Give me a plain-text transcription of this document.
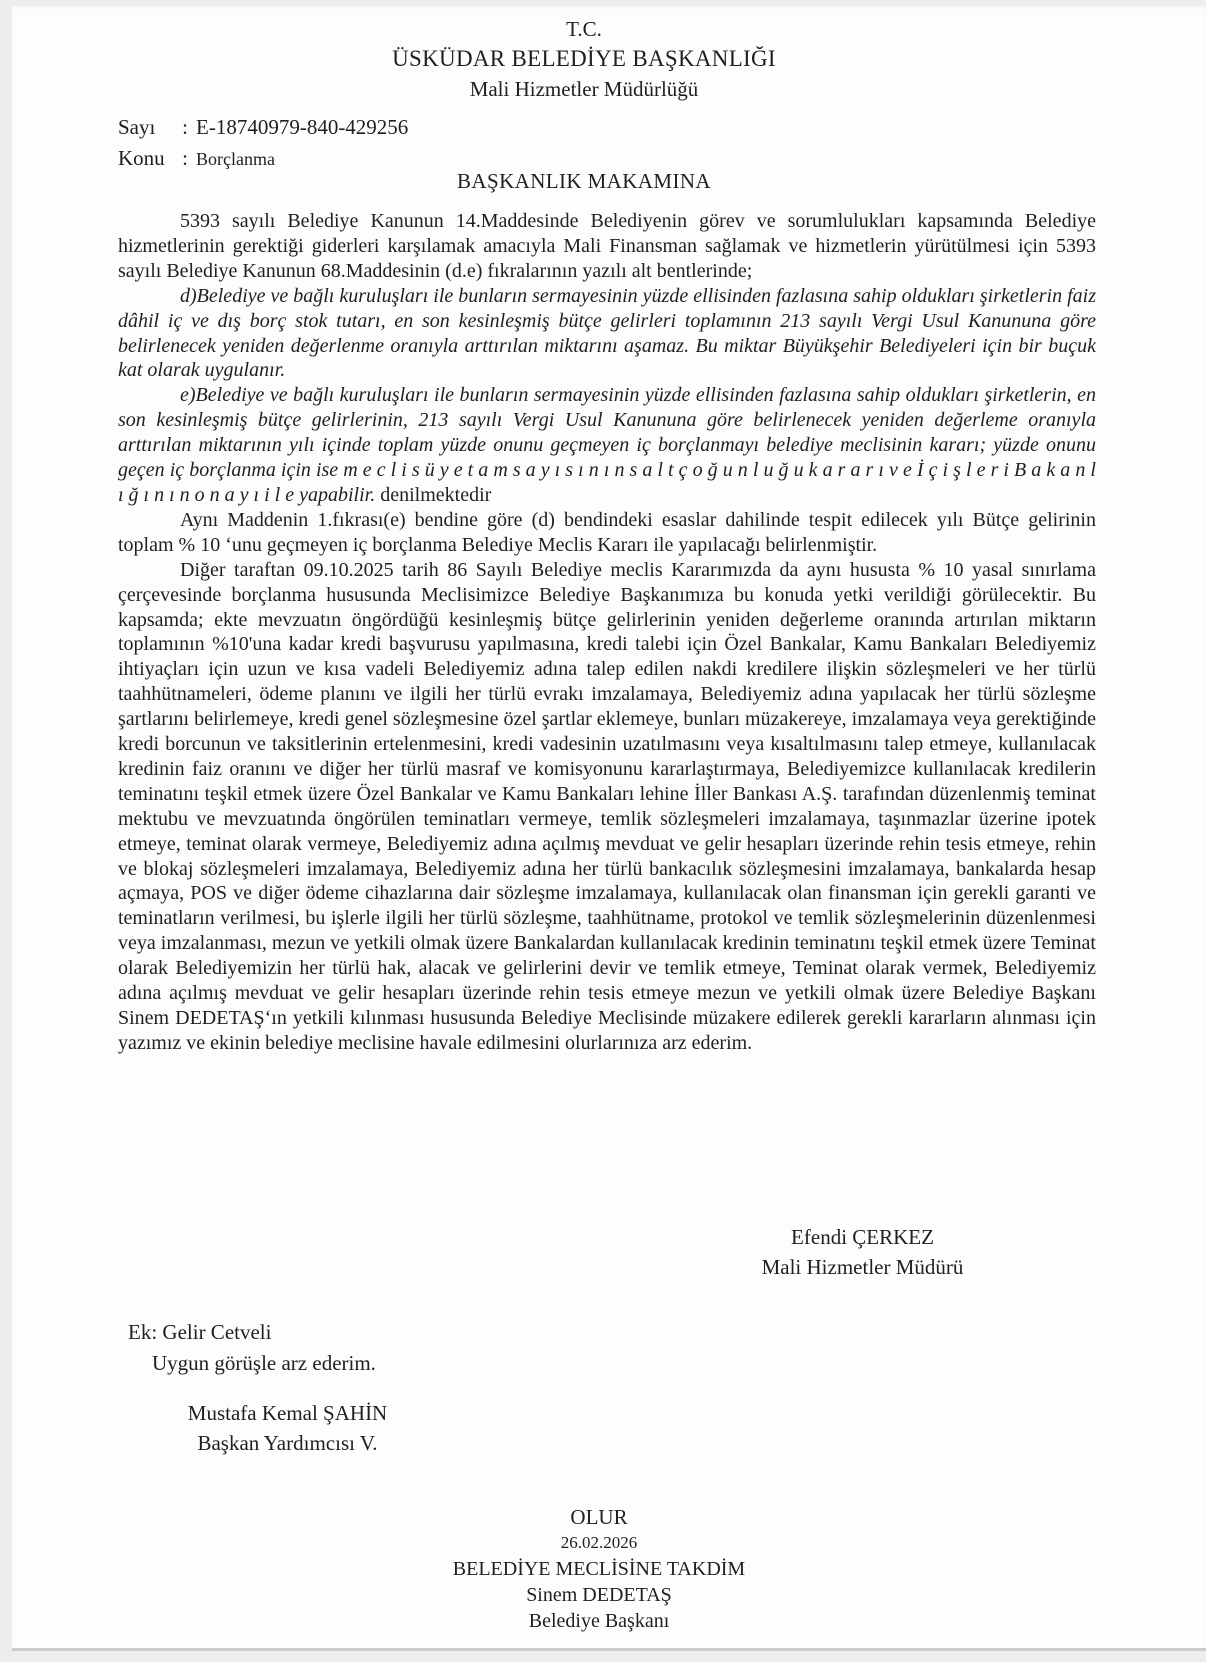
T.C.
ÜSKÜDAR BELEDİYE BAŞKANLIĞI
Mali Hizmetler Müdürlüğü
Sayı	: E-18740979-840-429256
Konu : Borçlanma
BAŞKANLIK MAKAMINA

5393 sayılı Belediye Kanunun 14.Maddesinde Belediyenin görev ve sorumlulukları kapsamında Belediye hizmetlerinin gerektiği giderleri karşılamak amacıyla Mali Finansman sağlamak ve hizmetlerin yürütülmesi için 5393 sayılı Belediye Kanunun 68.Maddesinin (d.e) fıkralarının yazılı alt bentlerinde;

d)Belediye ve bağlı kuruluşları ile bunların sermayesinin yüzde ellisinden fazlasına sahip oldukları şirketlerin faiz dâhil iç ve dış borç stok tutarı, en son kesinleşmiş bütçe gelirleri toplamının 213 sayılı Vergi Usul Kanununa göre belirlenecek yeniden değerlenme oranıyla arttırılan miktarını aşamaz. Bu miktar Büyükşehir Belediyeleri için bir buçuk kat olarak uygulanır.

e)Belediye ve bağlı kuruluşları ile bunların sermayesinin yüzde ellisinden fazlasına sahip oldukları şirketlerin, en son kesinleşmiş bütçe gelirlerinin, 213 sayılı Vergi Usul Kanununa göre belirlenecek yeniden değerleme oranıyla arttırılan miktarının yılı içinde toplam yüzde onunu geçmeyen iç borçlanmayı belediye meclisinin kararı; yüzde onunu geçen iç borçlanma için ise m e c l i s ü y e t a m s a y ı s ı n ı n s a l t ç o ğ u n l u ğ u k a r a r ı v e İ ç i ş l e r i B a k a n l ı ğ ı n ı n o n a y ı i l e yapabilir. denilmektedir

Aynı Maddenin 1.fıkrası(e) bendine göre (d) bendindeki esaslar dahilinde tespit edilecek yılı Bütçe gelirinin toplam % 10 ‘unu geçmeyen iç borçlanma Belediye Meclis Kararı ile yapılacağı belirlenmiştir.

Diğer taraftan 09.10.2025 tarih 86 Sayılı Belediye meclis Kararımızda da aynı hususta % 10 yasal sınırlama çerçevesinde borçlanma hususunda Meclisimizce Belediye Başkanımıza bu konuda yetki verildiği görülecektir. Bu kapsamda; ekte mevzuatın öngördüğü kesinleşmiş bütçe gelirlerinin yeniden değerleme oranında artırılan miktarın toplamının %10'una kadar kredi başvurusu yapılmasına, kredi talebi için Özel Bankalar, Kamu Bankaları Belediyemiz ihtiyaçları için uzun ve kısa vadeli Belediyemiz adına talep edilen nakdi kredilere ilişkin sözleşmeleri ve her türlü taahhütnameleri, ödeme planını ve ilgili her türlü evrakı imzalamaya, Belediyemiz adına yapılacak her türlü sözleşme şartlarını belirlemeye, kredi genel sözleşmesine özel şartlar eklemeye, bunları müzakereye, imzalamaya veya gerektiğinde kredi borcunun ve taksitlerinin ertelenmesini, kredi vadesinin uzatılmasını veya kısaltılmasını talep etmeye, kullanılacak kredinin faiz oranını ve diğer her türlü masraf ve komisyonunu kararlaştırmaya, Belediyemizce kullanılacak kredilerin teminatını teşkil etmek üzere Özel Bankalar ve Kamu Bankaları lehine İller Bankası A.Ş. tarafından düzenlenmiş teminat mektubu ve mevzuatında öngörülen teminatları vermeye, temlik sözleşmeleri imzalamaya, taşınmazlar üzerine ipotek etmeye, teminat olarak vermeye, Belediyemiz adına açılmış mevduat ve gelir hesapları üzerinde rehin tesis etmeye, rehin ve blokaj sözleşmeleri imzalamaya, Belediyemiz adına her türlü bankacılık sözleşmesini imzalamaya, bankalarda hesap açmaya, POS ve diğer ödeme cihazlarına dair sözleşme imzalamaya, kullanılacak olan finansman için gerekli garanti ve teminatların verilmesi, bu işlerle ilgili her türlü sözleşme, taahhütname, protokol ve temlik sözleşmelerinin düzenlenmesi veya imzalanması, mezun ve yetkili olmak üzere Bankalardan kullanılacak kredinin teminatını teşkil etmek üzere Teminat olarak Belediyemizin her türlü hak, alacak ve gelirlerini devir ve temlik etmeye, Teminat olarak vermek, Belediyemiz adına açılmış mevduat ve gelir hesapları üzerinde rehin tesis etmeye mezun ve yetkili olmak üzere Belediye Başkanı Sinem DEDETAŞ‘ın yetkili kılınması hususunda Belediye Meclisinde müzakere edilerek gerekli kararların alınması için yazımız ve ekinin belediye meclisine havale edilmesini olurlarınıza arz ederim.

Efendi ÇERKEZ
Mali Hizmetler Müdürü
Ek: Gelir Cetveli
Uygun görüşle arz ederim.
Mustafa Kemal ŞAHİN
Başkan Yardımcısı V.
OLUR
26.02.2026
BELEDİYE MECLİSİNE TAKDİM
Sinem DEDETAŞ
Belediye Başkanı
